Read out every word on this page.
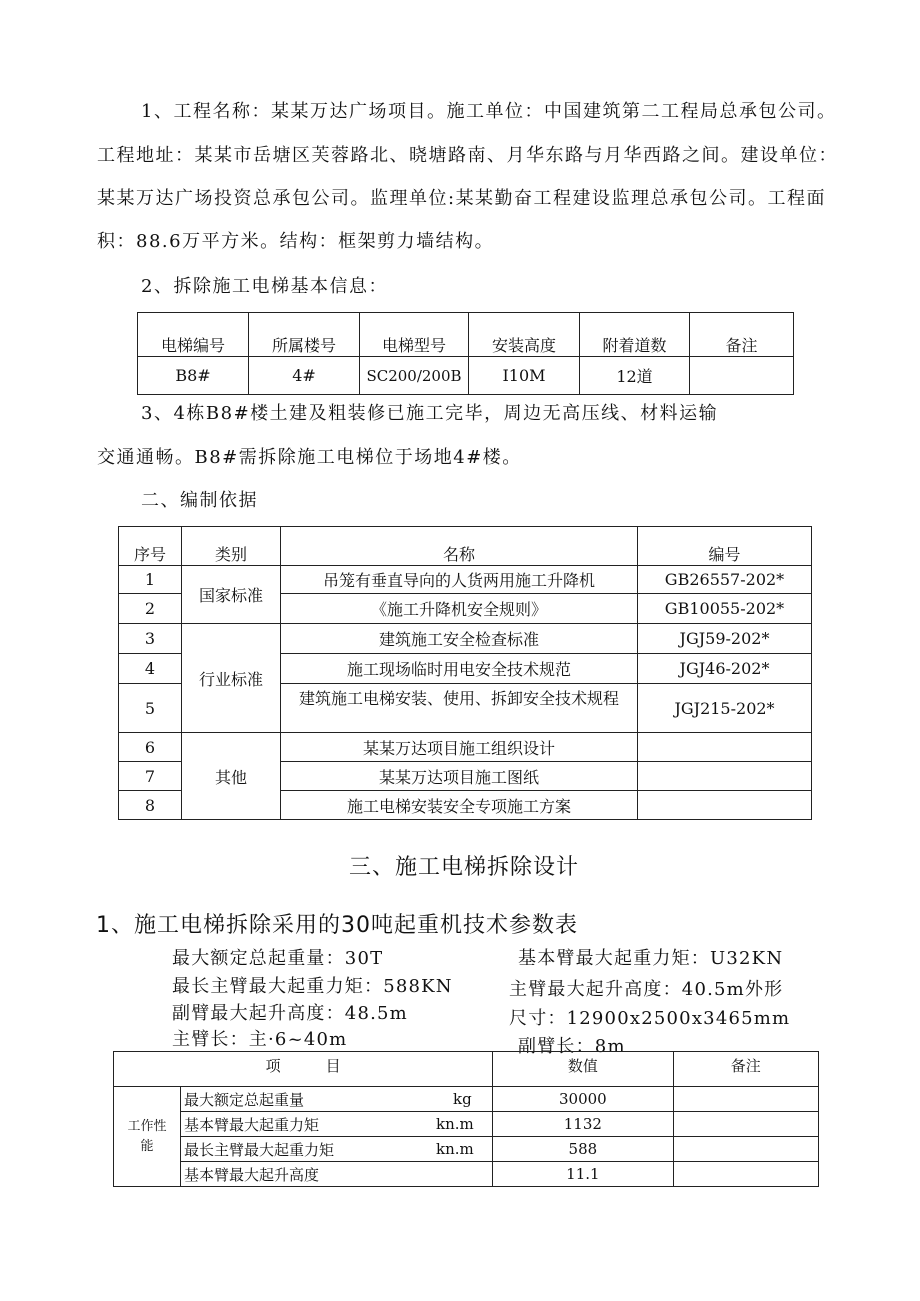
1、工程名称：某某万达广场项目。施工单位：中国建筑第二工程局总承包公司。
工程地址：某某市岳塘区芙蓉路北、晓塘路南、月华东路与月华西路之间。建设单位：
某某万达广场投资总承包公司。监理单位:某某勤奋工程建设监理总承包公司。工程面
积：88.6万平方米。结构：框架剪力墙结构。
2、拆除施工电梯基本信息：
电梯编号	所属楼号	电梯型号	安装高度	附着道数	备注
B8#	4#	SC200/200B	I10M	12道	
3、4栋B8#楼土建及粗装修已施工完毕，周边无高压线、材料运输
交通通畅。B8#需拆除施工电梯位于场地4#楼。
二、编制依据
序号	类别	名称	编号
1	国家标准	吊笼有垂直导向的人货两用施工升降机	GB26557-202*
2		《施工升降机安全规则》	GB10055-202*
3	行业标准	建筑施工安全检查标准	JGJ59-202*
4		施工现场临时用电安全技术规范	JGJ46-202*
5		建筑施工电梯安装、使用、拆卸安全技术规程	JGJ215-202*
6	其他	某某万达项目施工组织设计	
7		某某万达项目施工图纸	
8		施工电梯安装安全专项施工方案	
三、施工电梯拆除设计
1、施工电梯拆除采用的30吨起重机技术参数表
最大额定总起重量：30T	基本臂最大起重力矩：U32KN
最长主臂最大起重力矩：588KN	主臂最大起升高度：40.5m外形
副臂最大起升高度：48.5m	尺寸：12900x2500x3465mm
主臂长：主·6~40m	副臂长：8m
项　　　目		数值	备注
工作性能	最大额定总起重量 kg	30000	
	基本臂最大起重力矩 kn.m	1132	
	最长主臂最大起重力矩 kn.m	588	
	基本臂最大起升高度	11.1	
